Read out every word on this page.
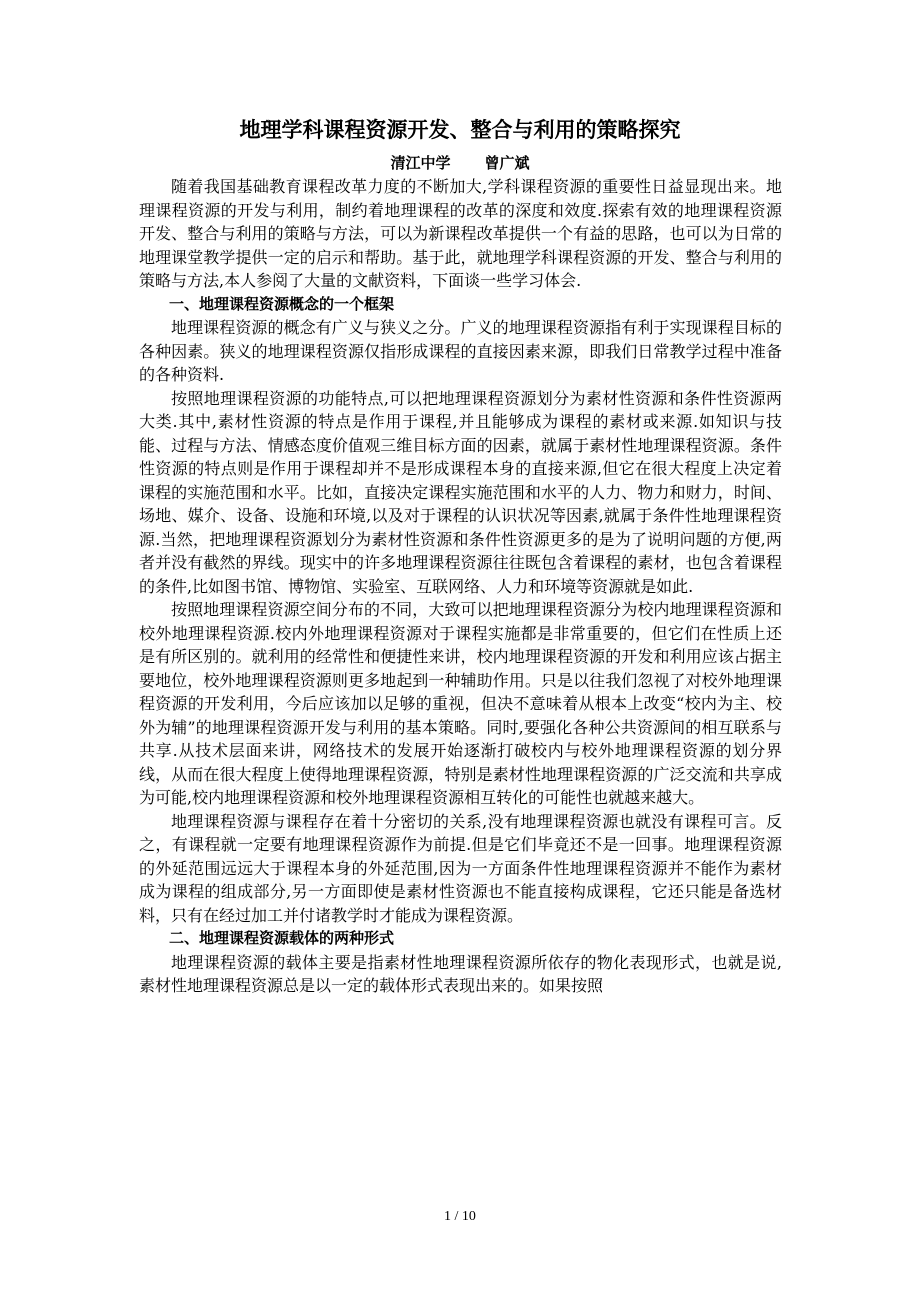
地理学科课程资源开发、整合与利用的策略探究
清江中学 曾广斌

随着我国基础教育课程改革力度的不断加大,学科课程资源的重要性日益显现出来。地理课程资源的开发与利用，制约着地理课程的改革的深度和效度.探索有效的地理课程资源开发、整合与利用的策略与方法，可以为新课程改革提供一个有益的思路，也可以为日常的地理课堂教学提供一定的启示和帮助。基于此，就地理学科课程资源的开发、整合与利用的策略与方法,本人参阅了大量的文献资料，下面谈一些学习体会.

一、地理课程资源概念的一个框架

地理课程资源的概念有广义与狭义之分。广义的地理课程资源指有利于实现课程目标的各种因素。狭义的地理课程资源仅指形成课程的直接因素来源，即我们日常教学过程中准备的各种资料.

按照地理课程资源的功能特点,可以把地理课程资源划分为素材性资源和条件性资源两大类.其中,素材性资源的特点是作用于课程,并且能够成为课程的素材或来源.如知识与技能、过程与方法、情感态度价值观三维目标方面的因素，就属于素材性地理课程资源。条件性资源的特点则是作用于课程却并不是形成课程本身的直接来源,但它在很大程度上决定着课程的实施范围和水平。比如，直接决定课程实施范围和水平的人力、物力和财力，时间、场地、媒介、设备、设施和环境,以及对于课程的认识状况等因素,就属于条件性地理课程资源.当然，把地理课程资源划分为素材性资源和条件性资源更多的是为了说明问题的方便,两者并没有截然的界线。现实中的许多地理课程资源往往既包含着课程的素材，也包含着课程的条件,比如图书馆、博物馆、实验室、互联网络、人力和环境等资源就是如此.

按照地理课程资源空间分布的不同，大致可以把地理课程资源分为校内地理课程资源和校外地理课程资源.校内外地理课程资源对于课程实施都是非常重要的，但它们在性质上还是有所区别的。就利用的经常性和便捷性来讲，校内地理课程资源的开发和利用应该占据主要地位，校外地理课程资源则更多地起到一种辅助作用。只是以往我们忽视了对校外地理课程资源的开发利用，今后应该加以足够的重视，但决不意味着从根本上改变“校内为主、校外为辅”的地理课程资源开发与利用的基本策略。同时,要强化各种公共资源间的相互联系与共享.从技术层面来讲，网络技术的发展开始逐渐打破校内与校外地理课程资源的划分界线，从而在很大程度上使得地理课程资源，特别是素材性地理课程资源的广泛交流和共享成为可能,校内地理课程资源和校外地理课程资源相互转化的可能性也就越来越大。

地理课程资源与课程存在着十分密切的关系,没有地理课程资源也就没有课程可言。反之，有课程就一定要有地理课程资源作为前提.但是它们毕竟还不是一回事。地理课程资源的外延范围远远大于课程本身的外延范围,因为一方面条件性地理课程资源并不能作为素材成为课程的组成部分,另一方面即使是素材性资源也不能直接构成课程，它还只能是备选材料，只有在经过加工并付诸教学时才能成为课程资源。

二、地理课程资源载体的两种形式

地理课程资源的载体主要是指素材性地理课程资源所依存的物化表现形式，也就是说,素材性地理课程资源总是以一定的载体形式表现出来的。如果按照

1 / 10
